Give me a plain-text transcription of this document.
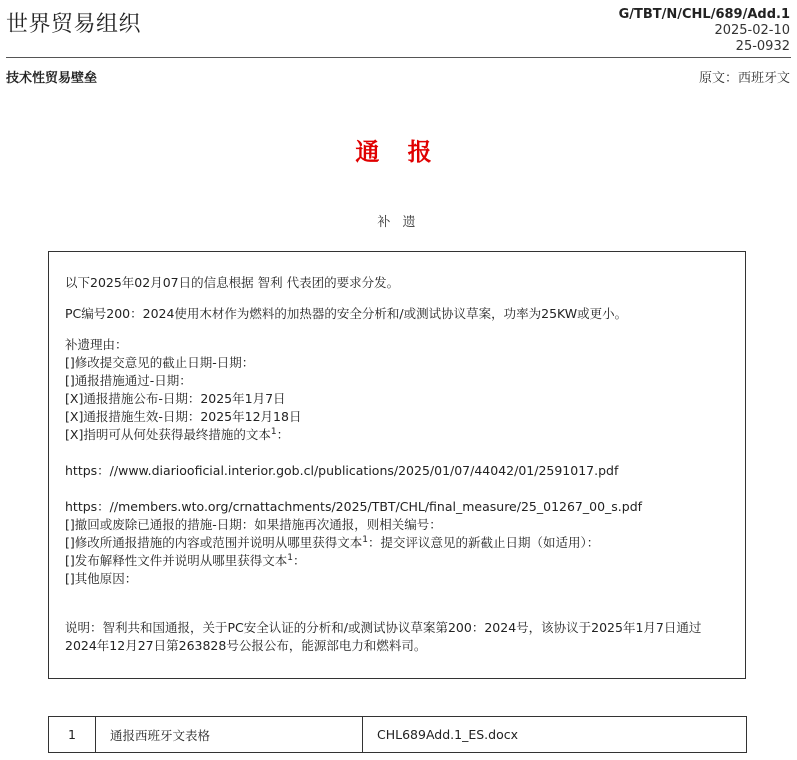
世界贸易组织	G/TBT/N/CHL/689/Add.1
2025-02-10
25-0932
技术性贸易壁垒	原文：西班牙文
通 报
补 遗

以下2025年02月07日的信息根据 智利 代表团的要求分发。

PC编号200：2024使用木材作为燃料的加热器的安全分析和/或测试协议草案，功率为25KW或更小。

补遗理由：

[]修改提交意见的截止日期-日期：

[]通报措施通过-日期：

[X]通报措施公布-日期：2025年1月7日

[X]通报措施生效-日期：2025年12月18日

[X]指明可从何处获得最终措施的文本$^1$：

https：//www.diariooficial.interior.gob.cl/publications/2025/01/07/44042/01/2591017.pdf

https：//members.wto.org/crnattachments/2025/TBT/CHL/final_measure/25_01267_00_s.pdf

[]撤回或废除已通报的措施-日期：如果措施再次通报，则相关编号：

[]修改所通报措施的内容或范围并说明从哪里获得文本$^1$：提交评议意见的新截止日期（如适用）：

[]发布解释性文件并说明从哪里获得文本$^1$：

[]其他原因：

说明：智利共和国通报，关于PC安全认证的分析和/或测试协议草案第200：2024号，该协议于2025年1月7日通过

2024年12月27日第263828号公报公布，能源部电力和燃料司。

1	通报西班牙文表格	CHL689Add.1_ES.docx
